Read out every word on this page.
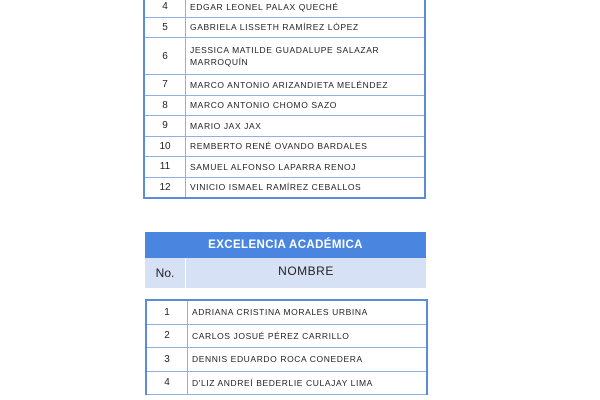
4	EDGAR LEONEL PALAX QUECHÉ
5	GABRIELA LISSETH RAMÍREZ LÓPEZ
6	JESSICA MATILDE GUADALUPE SALAZAR MARROQUÍN
7	MARCO ANTONIO ARIZANDIETA MELÉNDEZ
8	MARCO ANTONIO CHOMO SAZO
9	MARIO JAX JAX
10	REMBERTO RENÉ OVANDO BARDALES
11	SAMUEL ALFONSO LAPARRA RENOJ
12	VINICIO ISMAEL RAMÍREZ CEBALLOS
EXCELENCIA ACADÉMICA
No.	NOMBRE
1	ADRIANA CRISTINA MORALES URBINA
2	CARLOS JOSUÉ PÉREZ CARRILLO
3	DENNIS EDUARDO ROCA CONEDERA
4	D'LIZ ANDREÍ BEDERLIE CULAJAY LIMA
